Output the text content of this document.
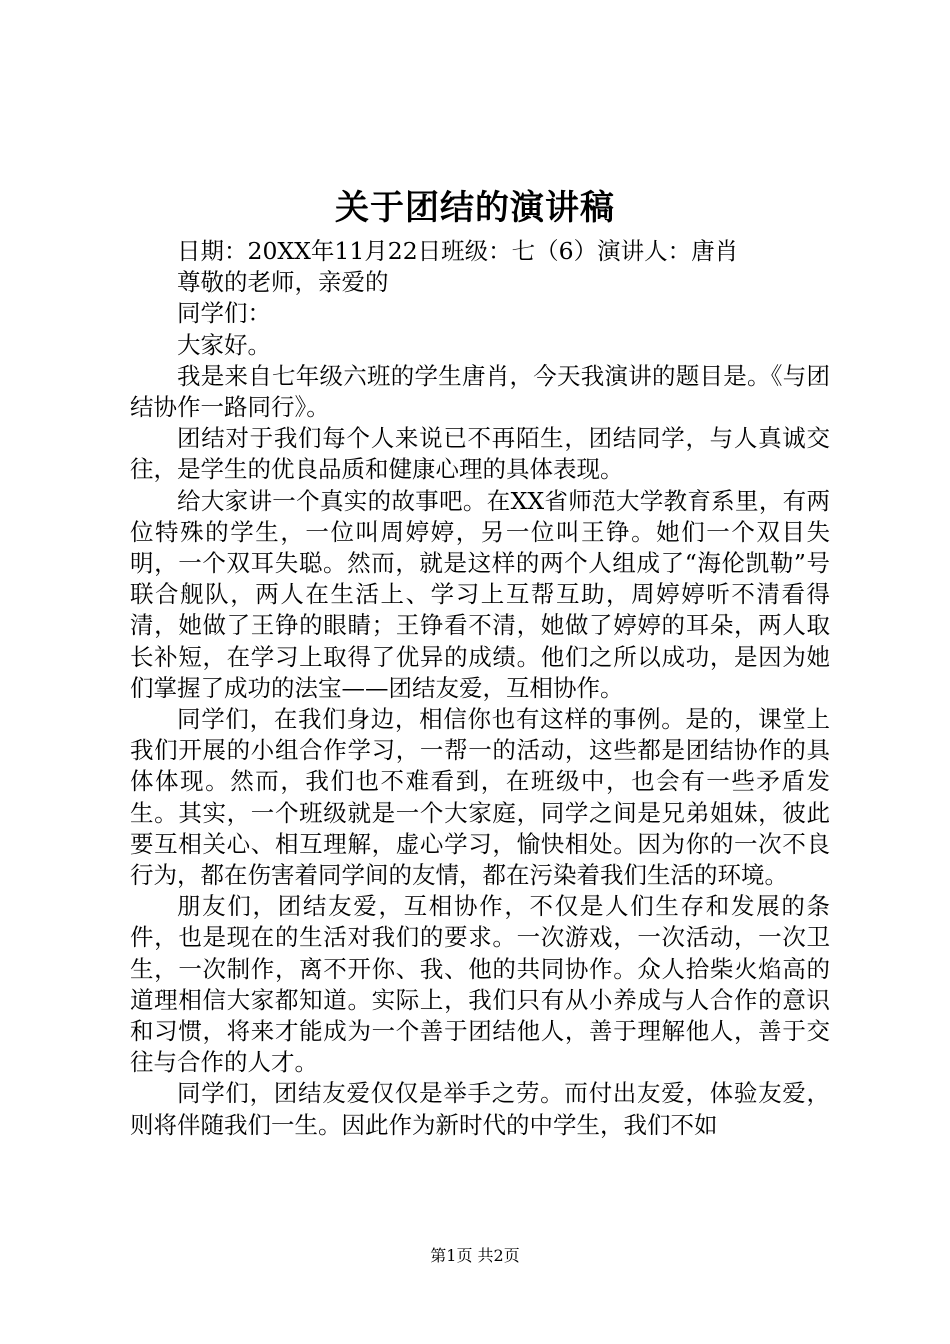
关于团结的演讲稿

日期：20XX年11月22日班级：七（6）演讲人：唐肖

尊敬的老师，亲爱的

同学们：

大家好。

我是来自七年级六班的学生唐肖，今天我演讲的题目是。《与团结协作一路同行》。

团结对于我们每个人来说已不再陌生，团结同学，与人真诚交往，是学生的优良品质和健康心理的具体表现。

给大家讲一个真实的故事吧。在XX省师范大学教育系里，有两位特殊的学生，一位叫周婷婷，另一位叫王铮。她们一个双目失明，一个双耳失聪。然而，就是这样的两个人组成了“海伦凯勒”号联合舰队，两人在生活上、学习上互帮互助，周婷婷听不清看得清，她做了王铮的眼睛；王铮看不清，她做了婷婷的耳朵，两人取长补短，在学习上取得了优异的成绩。他们之所以成功，是因为她们掌握了成功的法宝——团结友爱，互相协作。

同学们，在我们身边，相信你也有这样的事例。是的，课堂上我们开展的小组合作学习，一帮一的活动，这些都是团结协作的具体体现。然而，我们也不难看到，在班级中，也会有一些矛盾发生。其实，一个班级就是一个大家庭，同学之间是兄弟姐妹，彼此要互相关心、相互理解，虚心学习，愉快相处。因为你的一次不良行为，都在伤害着同学间的友情，都在污染着我们生活的环境。

朋友们，团结友爱，互相协作，不仅是人们生存和发展的条件，也是现在的生活对我们的要求。一次游戏，一次活动，一次卫生，一次制作，离不开你、我、他的共同协作。众人拾柴火焰高的道理相信大家都知道。实际上，我们只有从小养成与人合作的意识和习惯，将来才能成为一个善于团结他人，善于理解他人，善于交往与合作的人才。

同学们，团结友爱仅仅是举手之劳。而付出友爱，体验友爱，则将伴随我们一生。因此作为新时代的中学生，我们不如

第1页 共2页
